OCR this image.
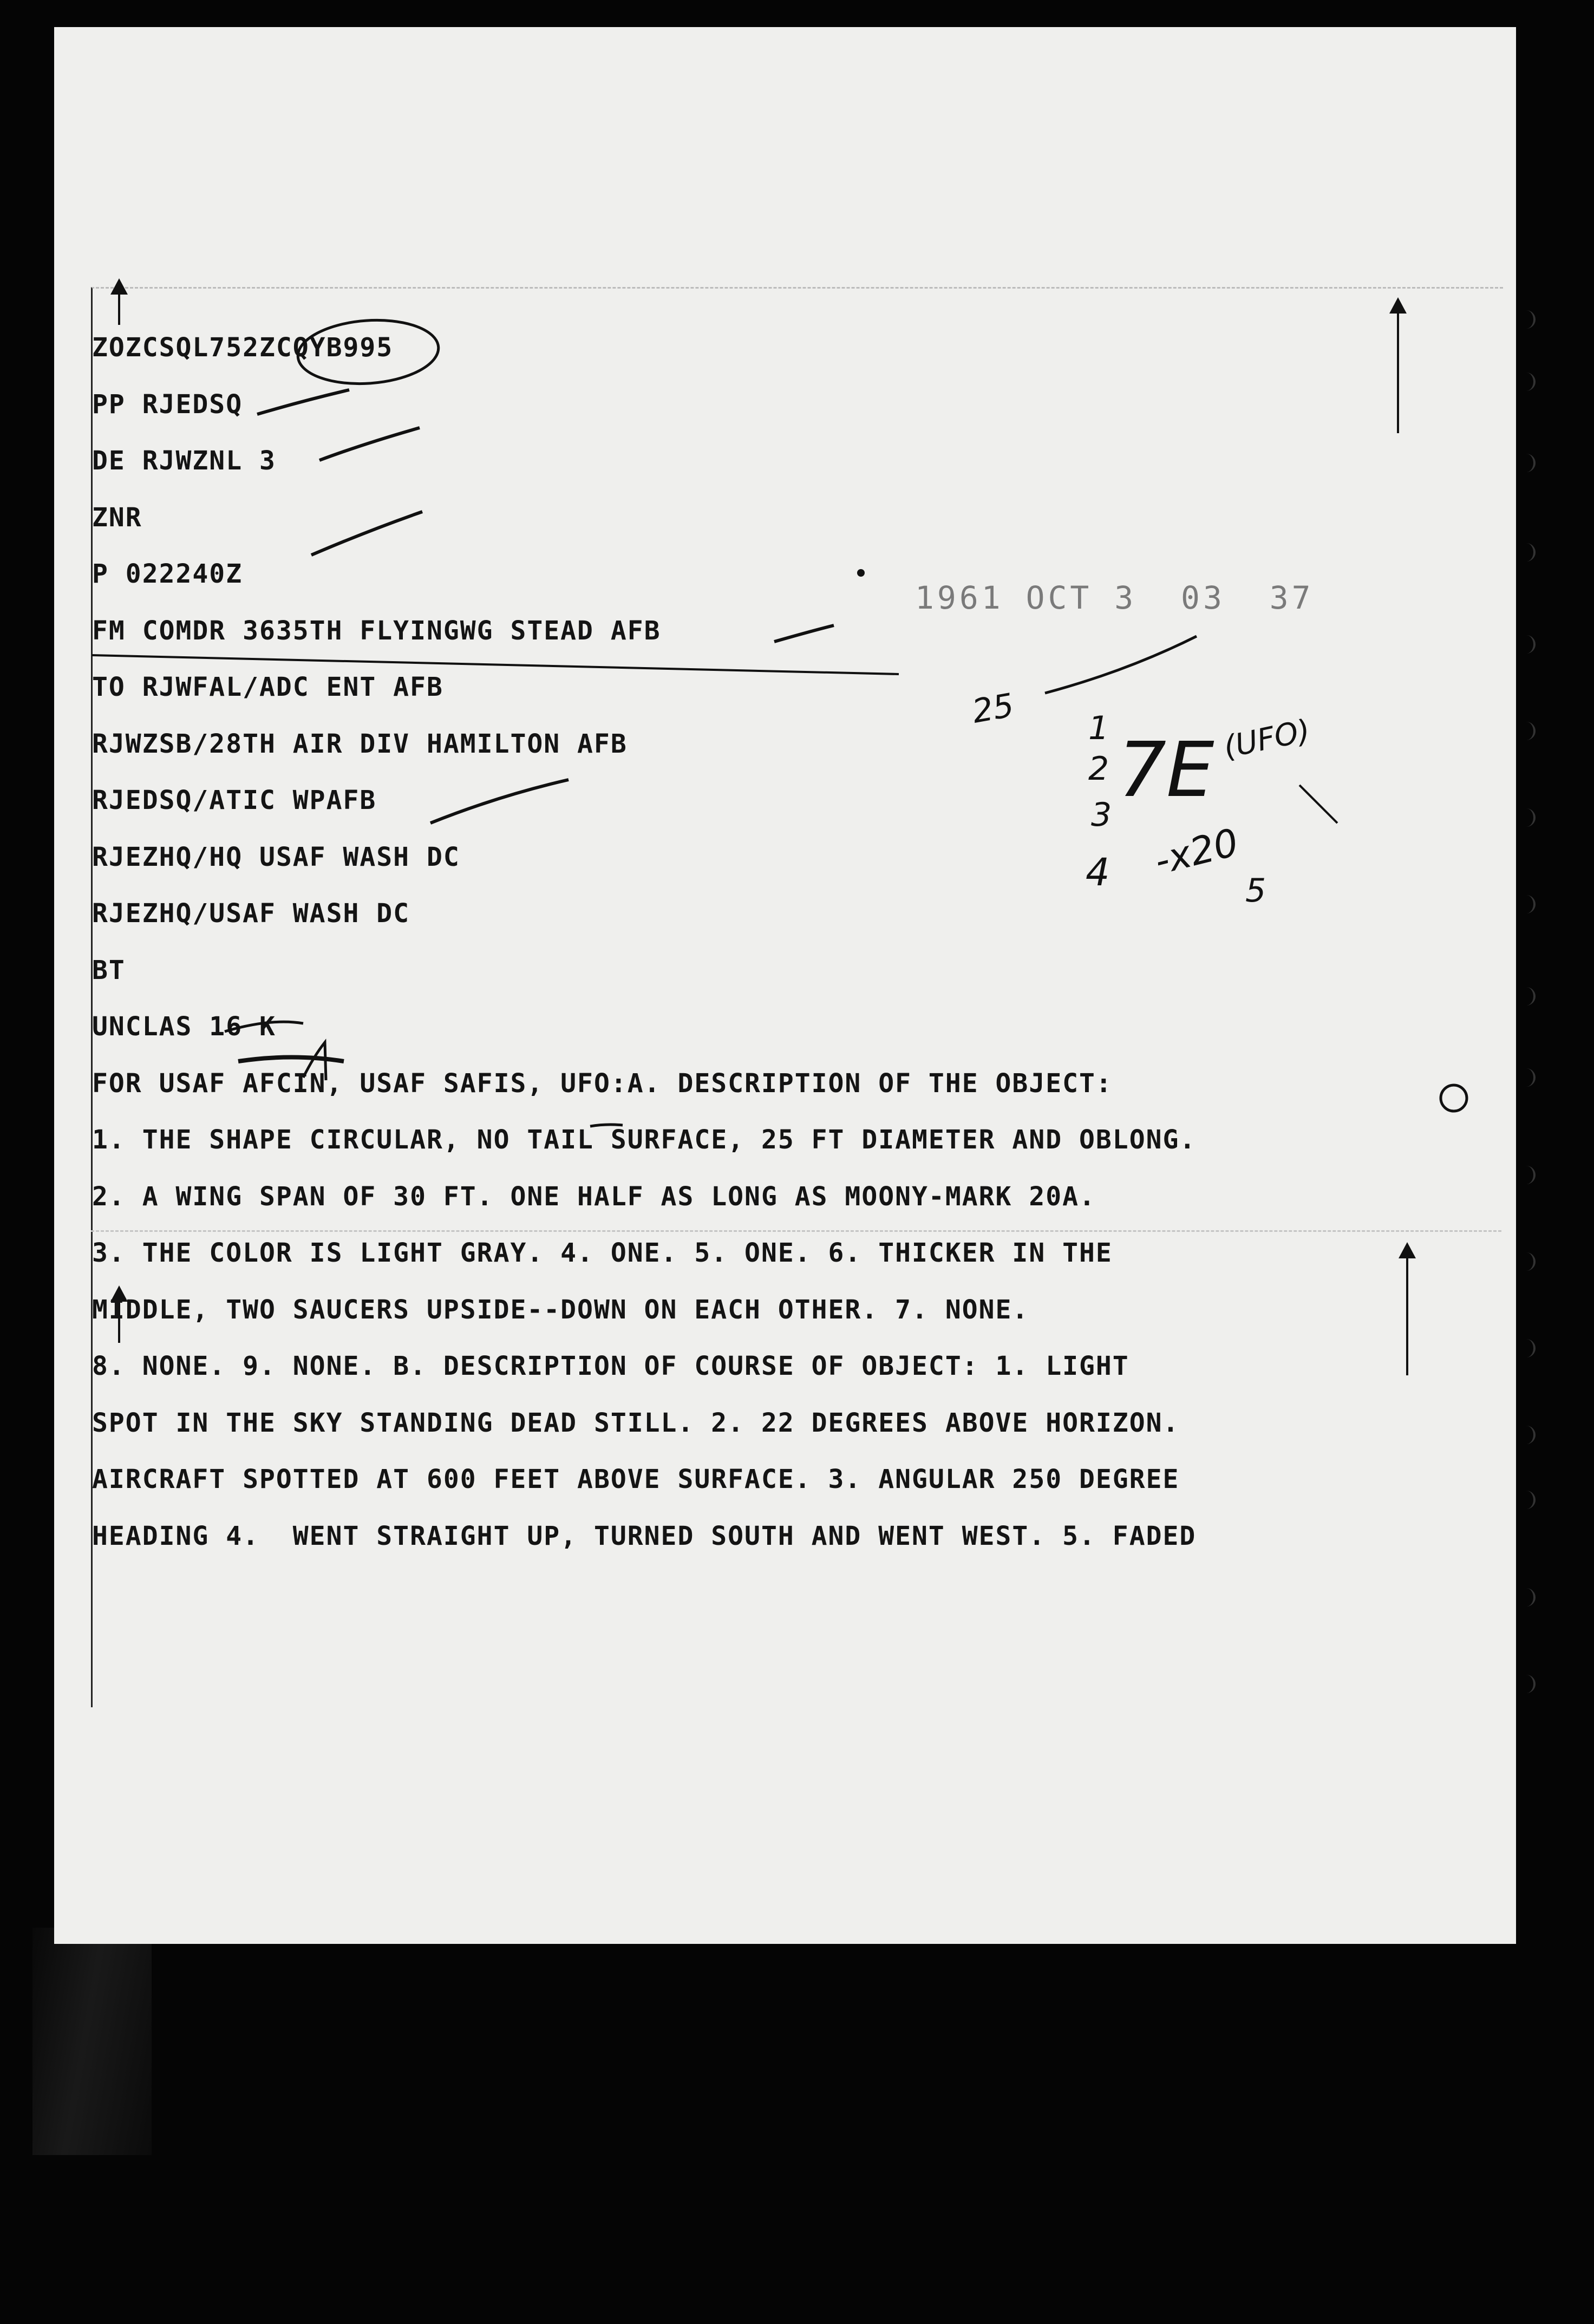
ZOZCSQL752ZCQYB995
PP RJEDSQ
DE RJWZNL 3
ZNR
P 022240Z
FM COMDR 3635TH FLYINGWG STEAD AFB
TO RJWFAL/ADC ENT AFB
RJWZSB/28TH AIR DIV HAMILTON AFB
RJEDSQ/ATIC WPAFB
RJEZHQ/HQ USAF WASH DC
RJEZHQ/USAF WASH DC
BT
UNCLAS 16 K
FOR USAF AFCIN, USAF SAFIS, UFO:A. DESCRIPTION OF THE OBJECT:
1. THE SHAPE CIRCULAR, NO TAIL SURFACE, 25 FT DIAMETER AND OBLONG.
2. A WING SPAN OF 30 FT. ONE HALF AS LONG AS MOONY-MARK 20A.
3. THE COLOR IS LIGHT GRAY. 4. ONE. 5. ONE. 6. THICKER IN THE
MIDDLE, TWO SAUCERS UPSIDE--DOWN ON EACH OTHER. 7. NONE.
8. NONE. 9. NONE. B. DESCRIPTION OF COURSE OF OBJECT: 1. LIGHT
SPOT IN THE SKY STANDING DEAD STILL. 2. 22 DEGREES ABOVE HORIZON.
AIRCRAFT SPOTTED AT 600 FEET ABOVE SURFACE. 3. ANGULAR 250 DEGREE
HEADING 4.  WENT STRAIGHT UP, TURNED SOUTH AND WENT WEST. 5. FADED
1961 OCT 3  03  37
25 1
2 7E (UFO)
3
4 -x20
5
